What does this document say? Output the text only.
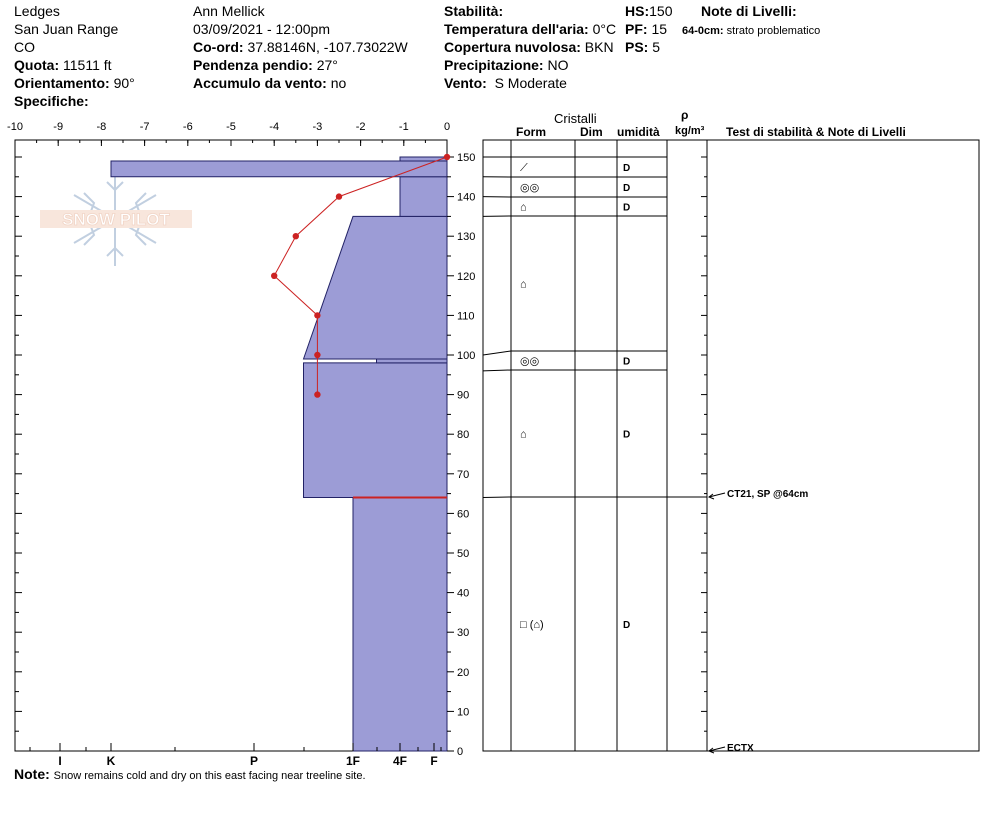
Ledges
San Juan Range
CO
Quota: 11511 ft
Orientamento: 90°
Specifiche:
Ann Mellick
03/09/2021 - 12:00pm
Co-ord: 37.88146N, -107.73022W
Pendenza pendio: 27°
Accumulo da vento: no
Stabilità:
Temperatura dell'aria: 0°C
Copertura nuvolosa: BKN
Precipitazione: NO
Vento: S Moderate
HS:150
PF: 15
PS: 5
Note di Livelli:
64-0cm: strato problematico
Cristalli
Form	Dim umidità
ρ
kg/m³ Test di stabilità & Note di Livelli
Note: Snow remains cold and dry on this east facing near treeline site.
SNOW PILOT
-10	-9	-8	-7	-6	-5	-4	-3	-2	-1	0
0
10
20
30
40
50
60
70
80
90
100
110
120
130
140
150
I	K	P	1F	4F F
⟋	D
◎◎	D
⌂	D
⌂
◎◎	D
⌂	D
□ (⌂)	D
CT21, SP @64cm
ECTX
